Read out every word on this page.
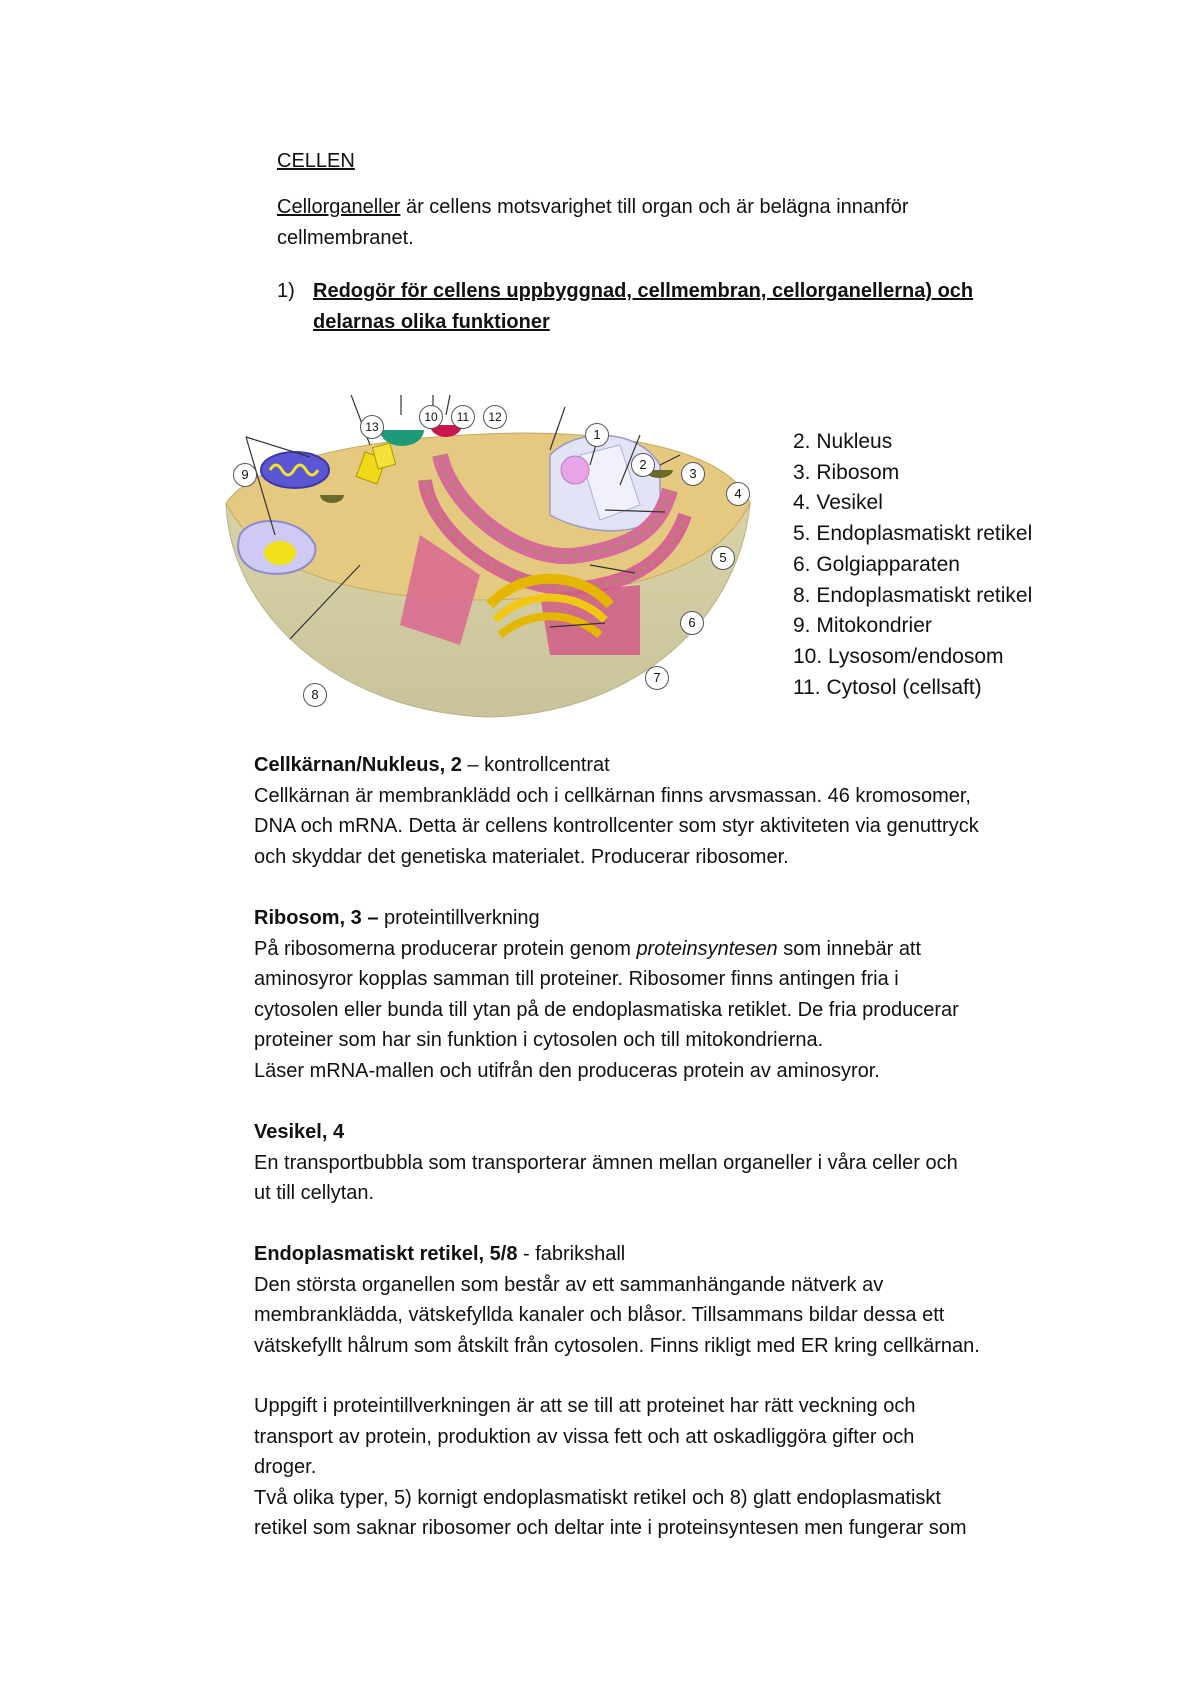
CELLEN
Cellorganeller är cellens motsvarighet till organ och är belägna innanför
cellmembranet.
1) Redogör för cellens uppbyggnad, cellmembran, cellorganellerna) och
delarnas olika funktioner
1
2
3
4
5
6
7
8
9
10	11	12
13
2. Nukleus
3. Ribosom
4. Vesikel
5. Endoplasmatiskt retikel
6. Golgiapparaten
8. Endoplasmatiskt retikel
9. Mitokondrier
10. Lysosom/endosom
11. Cytosol (cellsaft)
Cellkärnan/Nukleus, 2 – kontrollcentrat
Cellkärnan är membranklädd och i cellkärnan finns arvsmassan. 46 kromosomer,
DNA och mRNA. Detta är cellens kontrollcenter som styr aktiviteten via genuttryck
och skyddar det genetiska materialet. Producerar ribosomer.
Ribosom, 3 – proteintillverkning
På ribosomerna producerar protein genom proteinsyntesen som innebär att
aminosyror kopplas samman till proteiner. Ribosomer finns antingen fria i
cytosolen eller bunda till ytan på de endoplasmatiska retiklet. De fria producerar
proteiner som har sin funktion i cytosolen och till mitokondrierna.
Läser mRNA-mallen och utifrån den produceras protein av aminosyror.
Vesikel, 4
En transportbubbla som transporterar ämnen mellan organeller i våra celler och
ut till cellytan.
Endoplasmatiskt retikel, 5/8 - fabrikshall
Den största organellen som består av ett sammanhängande nätverk av
membranklädda, vätskefyllda kanaler och blåsor. Tillsammans bildar dessa ett
vätskefyllt hålrum som åtskilt från cytosolen. Finns rikligt med ER kring cellkärnan.
Uppgift i proteintillverkningen är att se till att proteinet har rätt veckning och
transport av protein, produktion av vissa fett och att oskadliggöra gifter och
droger.
Två olika typer, 5) kornigt endoplasmatiskt retikel och 8) glatt endoplasmatiskt
retikel som saknar ribosomer och deltar inte i proteinsyntesen men fungerar som
